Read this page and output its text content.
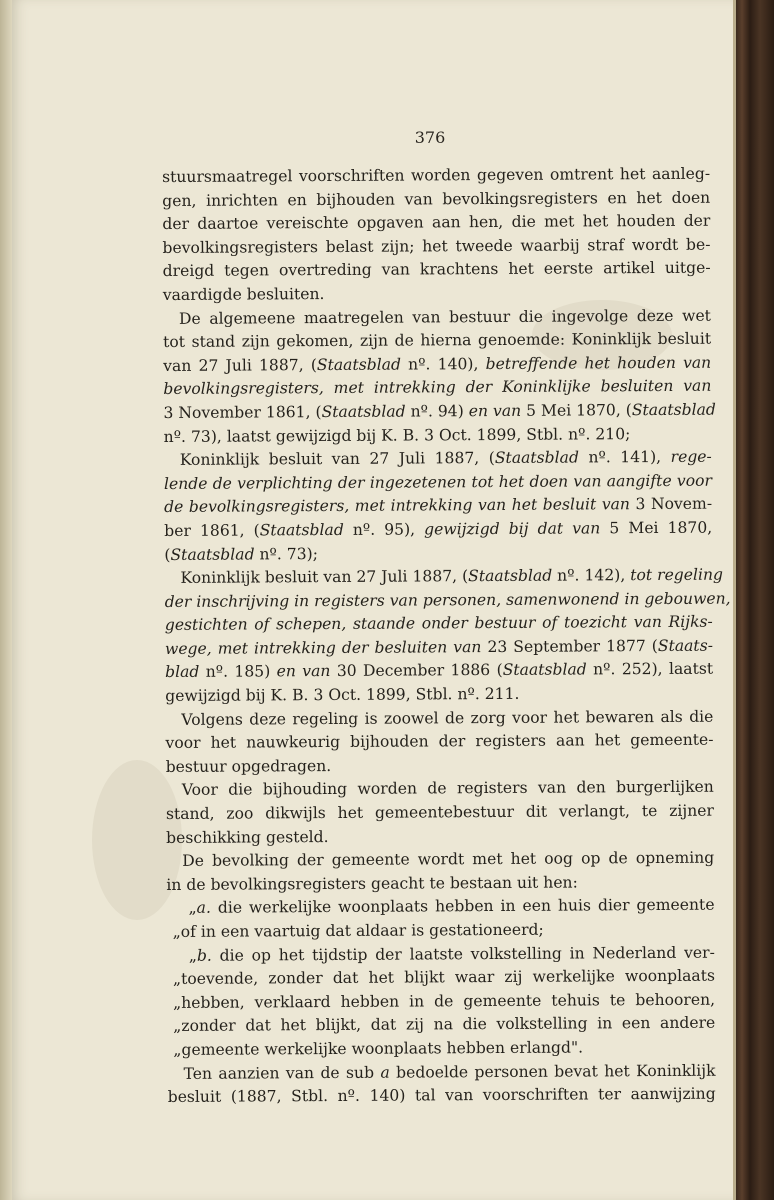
376
stuursmaatregel voorschriften worden gegeven omtrent het aanleg-
gen, inrichten en bijhouden van bevolkingsregisters en het doen
der daartoe vereischte opgaven aan hen, die met het houden der
bevolkingsregisters belast zijn; het tweede waarbij straf wordt be-
dreigd tegen overtreding van krachtens het eerste artikel uitge-
vaardigde besluiten.
De algemeene maatregelen van bestuur die ingevolge deze wet
tot stand zijn gekomen, zijn de hierna genoemde: Koninklijk besluit
van 27 Juli 1887, (Staatsblad nº. 140), betreffende het houden van
bevolkingsregisters, met intrekking der Koninklijke besluiten van
3 November 1861, (Staatsblad nº. 94) en van 5 Mei 1870, (Staatsblad
nº. 73), laatst gewijzigd bij K. B. 3 Oct. 1899, Stbl. nº. 210;
Koninklijk besluit van 27 Juli 1887, (Staatsblad nº. 141), rege-
lende de verplichting der ingezetenen tot het doen van aangifte voor
de bevolkingsregisters, met intrekking van het besluit van 3 Novem-
ber 1861, (Staatsblad nº. 95), gewijzigd bij dat van 5 Mei 1870,
(Staatsblad nº. 73);
Koninklijk besluit van 27 Juli 1887, (Staatsblad nº. 142), tot regeling
der inschrijving in registers van personen, samenwonend in gebouwen,
gestichten of schepen, staande onder bestuur of toezicht van Rijks-
wege, met intrekking der besluiten van 23 September 1877 (Staats-
blad nº. 185) en van 30 December 1886 (Staatsblad nº. 252), laatst
gewijzigd bij K. B. 3 Oct. 1899, Stbl. nº. 211.
Volgens deze regeling is zoowel de zorg voor het bewaren als die
voor het nauwkeurig bijhouden der registers aan het gemeente-
bestuur opgedragen.
Voor die bijhouding worden de registers van den burgerlijken
stand, zoo dikwijls het gemeentebestuur dit verlangt, te zijner
beschikking gesteld.
De bevolking der gemeente wordt met het oog op de opneming
in de bevolkingsregisters geacht te bestaan uit hen:
„a. die werkelijke woonplaats hebben in een huis dier gemeente
„of in een vaartuig dat aldaar is gestationeerd;
„b. die op het tijdstip der laatste volkstelling in Nederland ver-
„toevende, zonder dat het blijkt waar zij werkelijke woonplaats
„hebben, verklaard hebben in de gemeente tehuis te behooren,
„zonder dat het blijkt, dat zij na die volkstelling in een andere
„gemeente werkelijke woonplaats hebben erlangd".
Ten aanzien van de sub a bedoelde personen bevat het Koninklijk
besluit (1887, Stbl. nº. 140) tal van voorschriften ter aanwijzing
